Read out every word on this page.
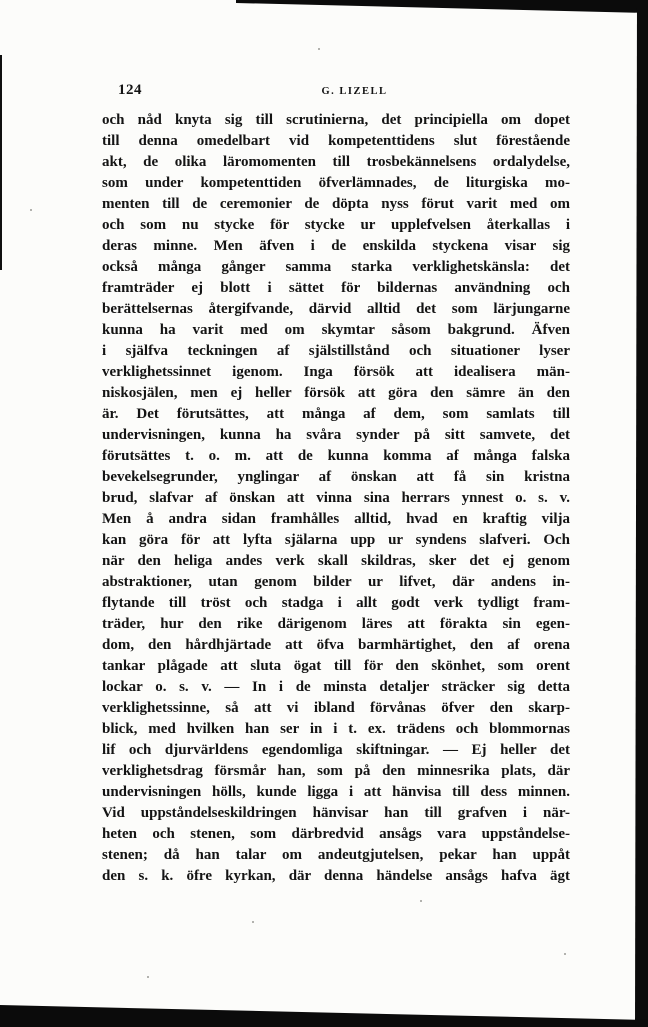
124	G. LIZELL
och nåd knyta sig till scrutinierna, det principiella om dopet
till denna omedelbart vid kompetenttidens slut förestående
akt, de olika läromomenten till trosbekännelsens ordalydelse,
som under kompetenttiden öfverlämnades, de liturgiska mo-
menten till de ceremonier de döpta nyss förut varit med om
och som nu stycke för stycke ur upplefvelsen återkallas i
deras minne. Men äfven i de enskilda styckena visar sig
också många gånger samma starka verklighetskänsla: det
framträder ej blott i sättet för bildernas användning och
berättelsernas återgifvande, därvid alltid det som lärjungarne
kunna ha varit med om skymtar såsom bakgrund. Äfven
i själfva teckningen af själstillstånd och situationer lyser
verklighetssinnet igenom. Inga försök att idealisera män-
niskosjälen, men ej heller försök att göra den sämre än den
är. Det förutsättes, att många af dem, som samlats till
undervisningen, kunna ha svåra synder på sitt samvete, det
förutsättes t. o. m. att de kunna komma af många falska
bevekelsegrunder, ynglingar af önskan att få sin kristna
brud, slafvar af önskan att vinna sina herrars ynnest o. s. v.
Men å andra sidan framhålles alltid, hvad en kraftig vilja
kan göra för att lyfta själarna upp ur syndens slafveri. Och
när den heliga andes verk skall skildras, sker det ej genom
abstraktioner, utan genom bilder ur lifvet, där andens in-
flytande till tröst och stadga i allt godt verk tydligt fram-
träder, hur den rike därigenom läres att förakta sin egen-
dom, den hårdhjärtade att öfva barmhärtighet, den af orena
tankar plågade att sluta ögat till för den skönhet, som orent
lockar o. s. v. — In i de minsta detaljer sträcker sig detta
verklighetssinne, så att vi ibland förvånas öfver den skarp-
blick, med hvilken han ser in i t. ex. trädens och blommornas
lif och djurvärldens egendomliga skiftningar. — Ej heller det
verklighetsdrag försmår han, som på den minnesrika plats, där
undervisningen hölls, kunde ligga i att hänvisa till dess minnen.
Vid uppståndelseskildringen hänvisar han till grafven i när-
heten och stenen, som därbredvid ansågs vara uppståndelse-
stenen; då han talar om andeutgjutelsen, pekar han uppåt
den s. k. öfre kyrkan, där denna händelse ansågs hafva ägt
